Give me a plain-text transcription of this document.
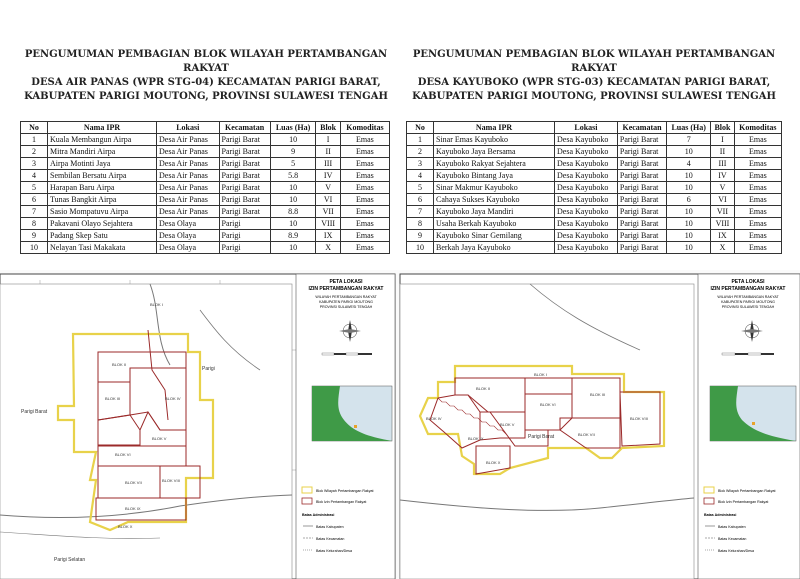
PENGUMUMAN PEMBAGIAN BLOK WILAYAH PERTAMBANGAN RAKYAT
DESA AIR PANAS (WPR STG-04) KECAMATAN PARIGI BARAT,
KABUPATEN PARIGI MOUTONG, PROVINSI SULAWESI TENGAH
No	Nama IPR	Lokasi	Kecamatan	Luas (Ha)	Blok	Komoditas
1	Kuala Membangun Airpa	Desa Air Panas	Parigi Barat	10	I	Emas
2	Mitra Mandiri Airpa	Desa Air Panas	Parigi Barat	9	II	Emas
3	Airpa Motinti Jaya	Desa Air Panas	Parigi Barat	5	III	Emas
4	Sembilan Bersatu Airpa	Desa Air Panas	Parigi Barat	5.8	IV	Emas
5	Harapan Baru Airpa	Desa Air Panas	Parigi Barat	10	V	Emas
6	Tunas Bangkit Airpa	Desa Air Panas	Parigi Barat	10	VI	Emas
7	Sasio Mompatuvu Airpa	Desa Air Panas	Parigi Barat	8.8	VII	Emas
8	Pakavani Olayo Sejahtera	Desa Olaya	Parigi	10	VIII	Emas
9	Padang Skep Satu	Desa Olaya	Parigi	8.9	IX	Emas
10	Nelayan Tasi Makakata	Desa Olaya	Parigi	10	X	Emas
PENGUMUMAN PEMBAGIAN BLOK WILAYAH PERTAMBANGAN RAKYAT
DESA KAYUBOKO (WPR STG-03) KECAMATAN PARIGI BARAT,
KABUPATEN PARIGI MOUTONG, PROVINSI SULAWESI TENGAH
No	Nama IPR	Lokasi	Kecamatan	Luas (Ha)	Blok	Komoditas
1	Sinar Emas Kayuboko	Desa Kayuboko	Parigi Barat	7	I	Emas
2	Kayuboko Jaya Bersama	Desa Kayuboko	Parigi Barat	10	II	Emas
3	Kayuboko Rakyat Sejahtera	Desa Kayuboko	Parigi Barat	4	III	Emas
4	Kayuboko Bintang Jaya	Desa Kayuboko	Parigi Barat	10	IV	Emas
5	Sinar Makmur Kayuboko	Desa Kayuboko	Parigi Barat	10	V	Emas
6	Cahaya Sukses Kayuboko	Desa Kayuboko	Parigi Barat	6	VI	Emas
7	Kayuboko Jaya Mandiri	Desa Kayuboko	Parigi Barat	10	VII	Emas
8	Usaha Berkah Kayuboko	Desa Kayuboko	Parigi Barat	10	VIII	Emas
9	Kayuboko Sinar Gemilang	Desa Kayuboko	Parigi Barat	10	IX	Emas
10	Berkah Jaya Kayuboko	Desa Kayuboko	Parigi Barat	10	X	Emas
BLOK I
BLOK II
BLOK III	BLOK IV
BLOK V
BLOK VI
BLOK VII	BLOK VIII
BLOK IX
BLOK X
Parigi
Parigi Barat
Parigi Selatan
PETA LOKASI
IZIN PERTAMBANGAN RAKYAT
WILAYAH PERTAMBANGAN RAKYAT
KABUPATEN PARIGI MOUTONG
PROVINSI SULAWESI TENGAH
Blok Wilayah Pertambangan Rakyat
Blok Izin Pertambangan Rakyat
Batas Administrasi
Batas Kabupaten
Batas Kecamatan
Batas Kelurahan/Desa
BLOK I
BLOK II
BLOK III
BLOK IV
BLOK V
BLOK VI
BLOK VII
BLOK VIII
BLOK IX
BLOK X
Parigi Barat
PETA LOKASI
IZIN PERTAMBANGAN RAKYAT
WILAYAH PERTAMBANGAN RAKYAT
KABUPATEN PARIGI MOUTONG
PROVINSI SULAWESI TENGAH
Blok Wilayah Pertambangan Rakyat
Blok Izin Pertambangan Rakyat
Batas Administrasi
Batas Kabupaten
Batas Kecamatan
Batas Kelurahan/Desa
